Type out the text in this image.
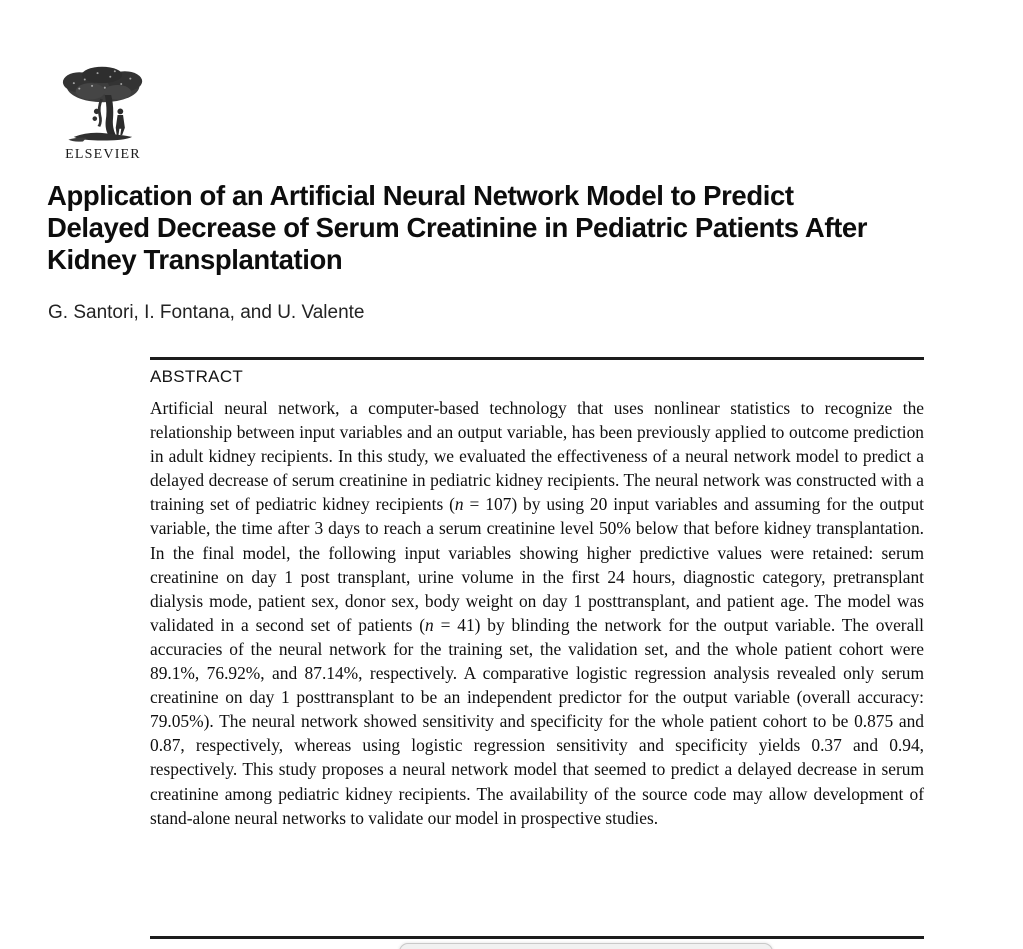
ELSEVIER
Application of an Artificial Neural Network Model to Predict
Delayed Decrease of Serum Creatinine in Pediatric Patients After
Kidney Transplantation
G. Santori, I. Fontana, and U. Valente
ABSTRACT
Artificial neural network, a computer-based technology that uses nonlinear statistics to recognize the relationship between input variables and an output variable, has been previously applied to outcome prediction in adult kidney recipients. In this study, we evaluated the effectiveness of a neural network model to predict a delayed decrease of serum creatinine in pediatric kidney recipients. The neural network was constructed with a training set of pediatric kidney recipients (n = 107) by using 20 input variables and assuming for the output variable, the time after 3 days to reach a serum creatinine level 50% below that before kidney transplantation. In the final model, the following input variables showing higher predictive values were retained: serum creatinine on day 1 post transplant, urine volume in the first 24 hours, diagnostic category, pretransplant dialysis mode, patient sex, donor sex, body weight on day 1 posttransplant, and patient age. The model was validated in a second set of patients (n = 41) by blinding the network for the output variable. The overall accuracies of the neural network for the training set, the validation set, and the whole patient cohort were 89.1%, 76.92%, and 87.14%, respectively. A comparative logistic regression analysis revealed only serum creatinine on day 1 posttransplant to be an independent predictor for the output variable (overall accuracy: 79.05%). The neural network showed sensitivity and specificity for the whole patient cohort to be 0.875 and 0.87, respectively, whereas using logistic regression sensitivity and specificity yields 0.37 and 0.94, respectively. This study proposes a neural network model that seemed to predict a delayed decrease in serum creatinine among pediatric kidney recipients. The availability of the source code may allow development of stand-alone neural networks to validate our model in prospective studies.
